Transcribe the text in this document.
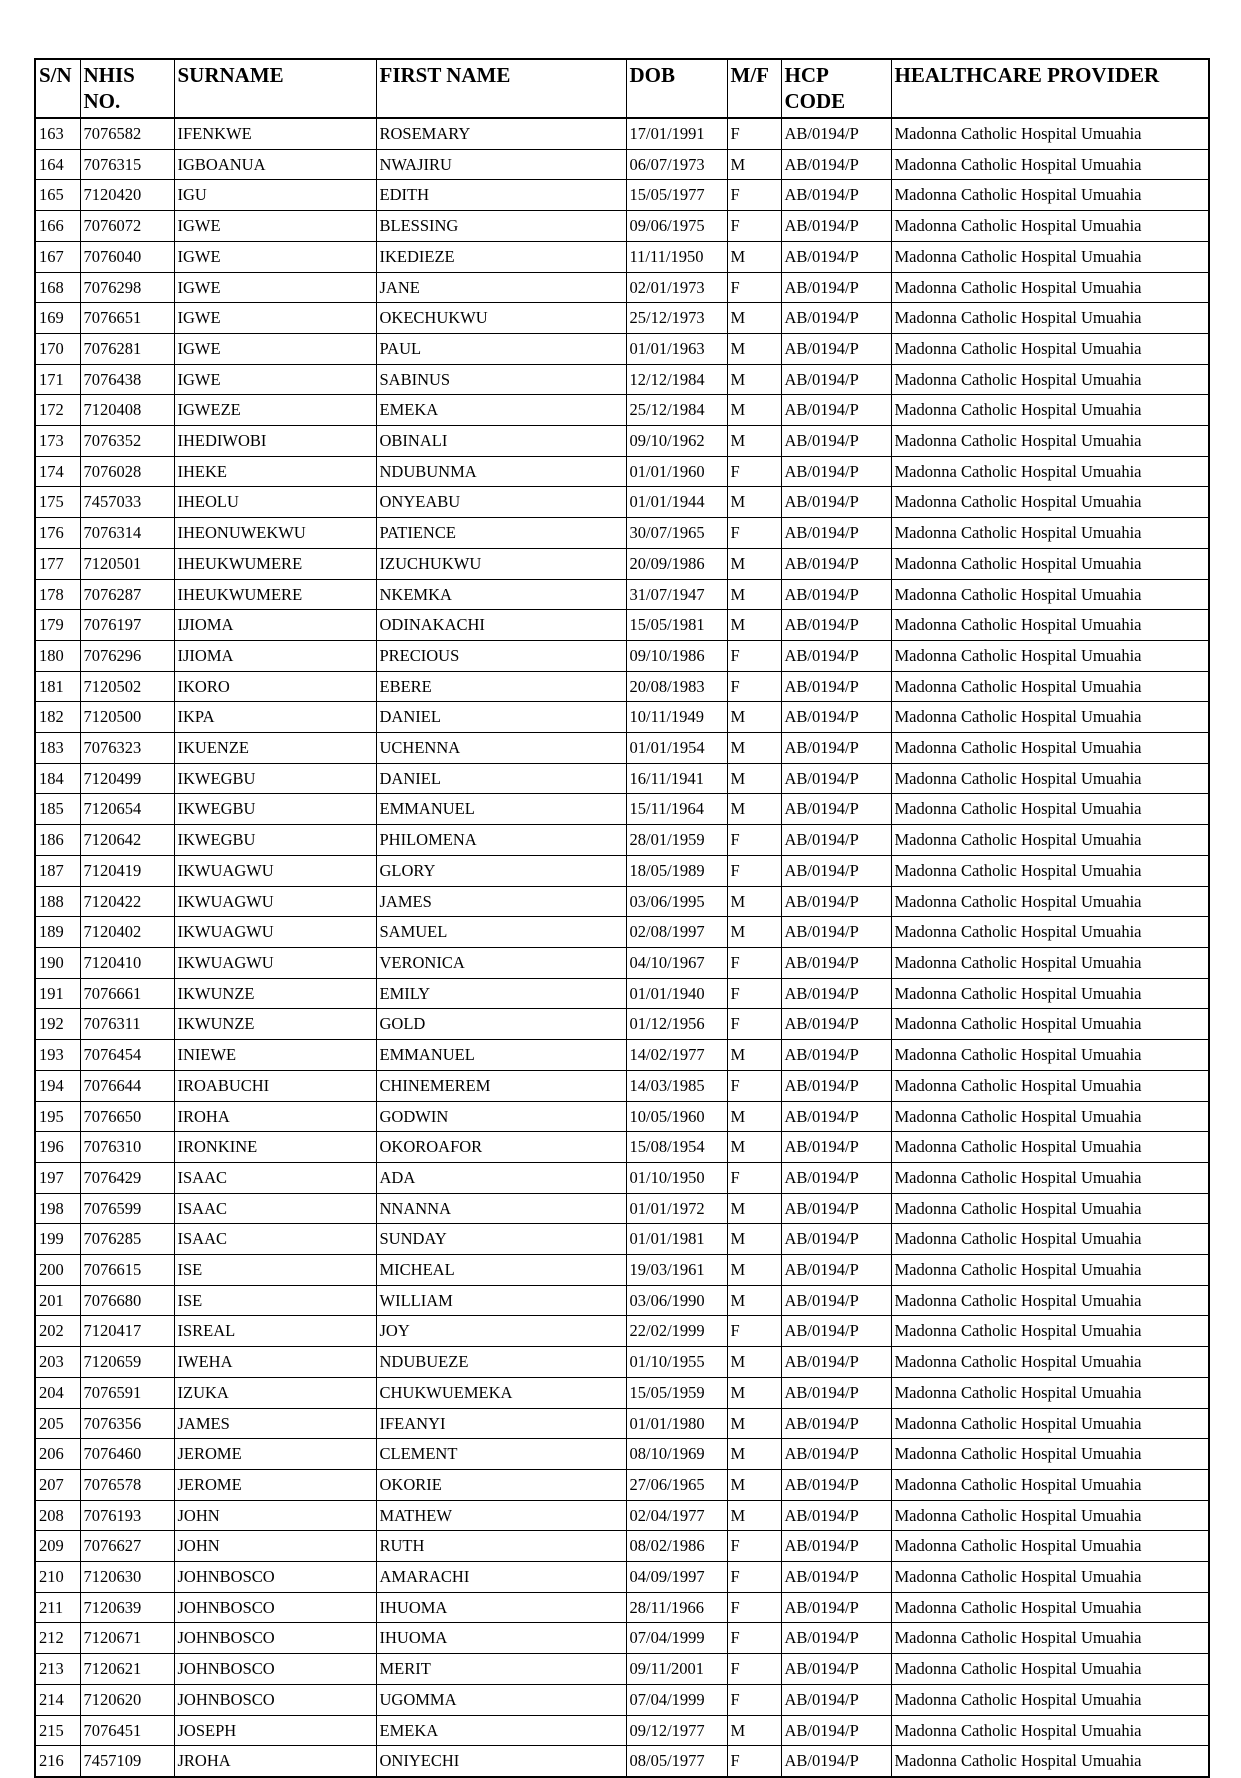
S/N	NHIS NO.	SURNAME	FIRST NAME	DOB	M/F	HCP CODE	HEALTHCARE PROVIDER
163	7076582	IFENKWE	ROSEMARY	17/01/1991	F	AB/0194/P	Madonna Catholic Hospital Umuahia
164	7076315	IGBOANUA	NWAJIRU	06/07/1973	M	AB/0194/P	Madonna Catholic Hospital Umuahia
165	7120420	IGU	EDITH	15/05/1977	F	AB/0194/P	Madonna Catholic Hospital Umuahia
166	7076072	IGWE	BLESSING	09/06/1975	F	AB/0194/P	Madonna Catholic Hospital Umuahia
167	7076040	IGWE	IKEDIEZE	11/11/1950	M	AB/0194/P	Madonna Catholic Hospital Umuahia
168	7076298	IGWE	JANE	02/01/1973	F	AB/0194/P	Madonna Catholic Hospital Umuahia
169	7076651	IGWE	OKECHUKWU	25/12/1973	M	AB/0194/P	Madonna Catholic Hospital Umuahia
170	7076281	IGWE	PAUL	01/01/1963	M	AB/0194/P	Madonna Catholic Hospital Umuahia
171	7076438	IGWE	SABINUS	12/12/1984	M	AB/0194/P	Madonna Catholic Hospital Umuahia
172	7120408	IGWEZE	EMEKA	25/12/1984	M	AB/0194/P	Madonna Catholic Hospital Umuahia
173	7076352	IHEDIWOBI	OBINALI	09/10/1962	M	AB/0194/P	Madonna Catholic Hospital Umuahia
174	7076028	IHEKE	NDUBUNMA	01/01/1960	F	AB/0194/P	Madonna Catholic Hospital Umuahia
175	7457033	IHEOLU	ONYEABU	01/01/1944	M	AB/0194/P	Madonna Catholic Hospital Umuahia
176	7076314	IHEONUWEKWU	PATIENCE	30/07/1965	F	AB/0194/P	Madonna Catholic Hospital Umuahia
177	7120501	IHEUKWUMERE	IZUCHUKWU	20/09/1986	M	AB/0194/P	Madonna Catholic Hospital Umuahia
178	7076287	IHEUKWUMERE	NKEMKA	31/07/1947	M	AB/0194/P	Madonna Catholic Hospital Umuahia
179	7076197	IJIOMA	ODINAKACHI	15/05/1981	M	AB/0194/P	Madonna Catholic Hospital Umuahia
180	7076296	IJIOMA	PRECIOUS	09/10/1986	F	AB/0194/P	Madonna Catholic Hospital Umuahia
181	7120502	IKORO	EBERE	20/08/1983	F	AB/0194/P	Madonna Catholic Hospital Umuahia
182	7120500	IKPA	DANIEL	10/11/1949	M	AB/0194/P	Madonna Catholic Hospital Umuahia
183	7076323	IKUENZE	UCHENNA	01/01/1954	M	AB/0194/P	Madonna Catholic Hospital Umuahia
184	7120499	IKWEGBU	DANIEL	16/11/1941	M	AB/0194/P	Madonna Catholic Hospital Umuahia
185	7120654	IKWEGBU	EMMANUEL	15/11/1964	M	AB/0194/P	Madonna Catholic Hospital Umuahia
186	7120642	IKWEGBU	PHILOMENA	28/01/1959	F	AB/0194/P	Madonna Catholic Hospital Umuahia
187	7120419	IKWUAGWU	GLORY	18/05/1989	F	AB/0194/P	Madonna Catholic Hospital Umuahia
188	7120422	IKWUAGWU	JAMES	03/06/1995	M	AB/0194/P	Madonna Catholic Hospital Umuahia
189	7120402	IKWUAGWU	SAMUEL	02/08/1997	M	AB/0194/P	Madonna Catholic Hospital Umuahia
190	7120410	IKWUAGWU	VERONICA	04/10/1967	F	AB/0194/P	Madonna Catholic Hospital Umuahia
191	7076661	IKWUNZE	EMILY	01/01/1940	F	AB/0194/P	Madonna Catholic Hospital Umuahia
192	7076311	IKWUNZE	GOLD	01/12/1956	F	AB/0194/P	Madonna Catholic Hospital Umuahia
193	7076454	INIEWE	EMMANUEL	14/02/1977	M	AB/0194/P	Madonna Catholic Hospital Umuahia
194	7076644	IROABUCHI	CHINEMEREM	14/03/1985	F	AB/0194/P	Madonna Catholic Hospital Umuahia
195	7076650	IROHA	GODWIN	10/05/1960	M	AB/0194/P	Madonna Catholic Hospital Umuahia
196	7076310	IRONKINE	OKOROAFOR	15/08/1954	M	AB/0194/P	Madonna Catholic Hospital Umuahia
197	7076429	ISAAC	ADA	01/10/1950	F	AB/0194/P	Madonna Catholic Hospital Umuahia
198	7076599	ISAAC	NNANNA	01/01/1972	M	AB/0194/P	Madonna Catholic Hospital Umuahia
199	7076285	ISAAC	SUNDAY	01/01/1981	M	AB/0194/P	Madonna Catholic Hospital Umuahia
200	7076615	ISE	MICHEAL	19/03/1961	M	AB/0194/P	Madonna Catholic Hospital Umuahia
201	7076680	ISE	WILLIAM	03/06/1990	M	AB/0194/P	Madonna Catholic Hospital Umuahia
202	7120417	ISREAL	JOY	22/02/1999	F	AB/0194/P	Madonna Catholic Hospital Umuahia
203	7120659	IWEHA	NDUBUEZE	01/10/1955	M	AB/0194/P	Madonna Catholic Hospital Umuahia
204	7076591	IZUKA	CHUKWUEMEKA	15/05/1959	M	AB/0194/P	Madonna Catholic Hospital Umuahia
205	7076356	JAMES	IFEANYI	01/01/1980	M	AB/0194/P	Madonna Catholic Hospital Umuahia
206	7076460	JEROME	CLEMENT	08/10/1969	M	AB/0194/P	Madonna Catholic Hospital Umuahia
207	7076578	JEROME	OKORIE	27/06/1965	M	AB/0194/P	Madonna Catholic Hospital Umuahia
208	7076193	JOHN	MATHEW	02/04/1977	M	AB/0194/P	Madonna Catholic Hospital Umuahia
209	7076627	JOHN	RUTH	08/02/1986	F	AB/0194/P	Madonna Catholic Hospital Umuahia
210	7120630	JOHNBOSCO	AMARACHI	04/09/1997	F	AB/0194/P	Madonna Catholic Hospital Umuahia
211	7120639	JOHNBOSCO	IHUOMA	28/11/1966	F	AB/0194/P	Madonna Catholic Hospital Umuahia
212	7120671	JOHNBOSCO	IHUOMA	07/04/1999	F	AB/0194/P	Madonna Catholic Hospital Umuahia
213	7120621	JOHNBOSCO	MERIT	09/11/2001	F	AB/0194/P	Madonna Catholic Hospital Umuahia
214	7120620	JOHNBOSCO	UGOMMA	07/04/1999	F	AB/0194/P	Madonna Catholic Hospital Umuahia
215	7076451	JOSEPH	EMEKA	09/12/1977	M	AB/0194/P	Madonna Catholic Hospital Umuahia
216	7457109	JROHA	ONIYECHI	08/05/1977	F	AB/0194/P	Madonna Catholic Hospital Umuahia
